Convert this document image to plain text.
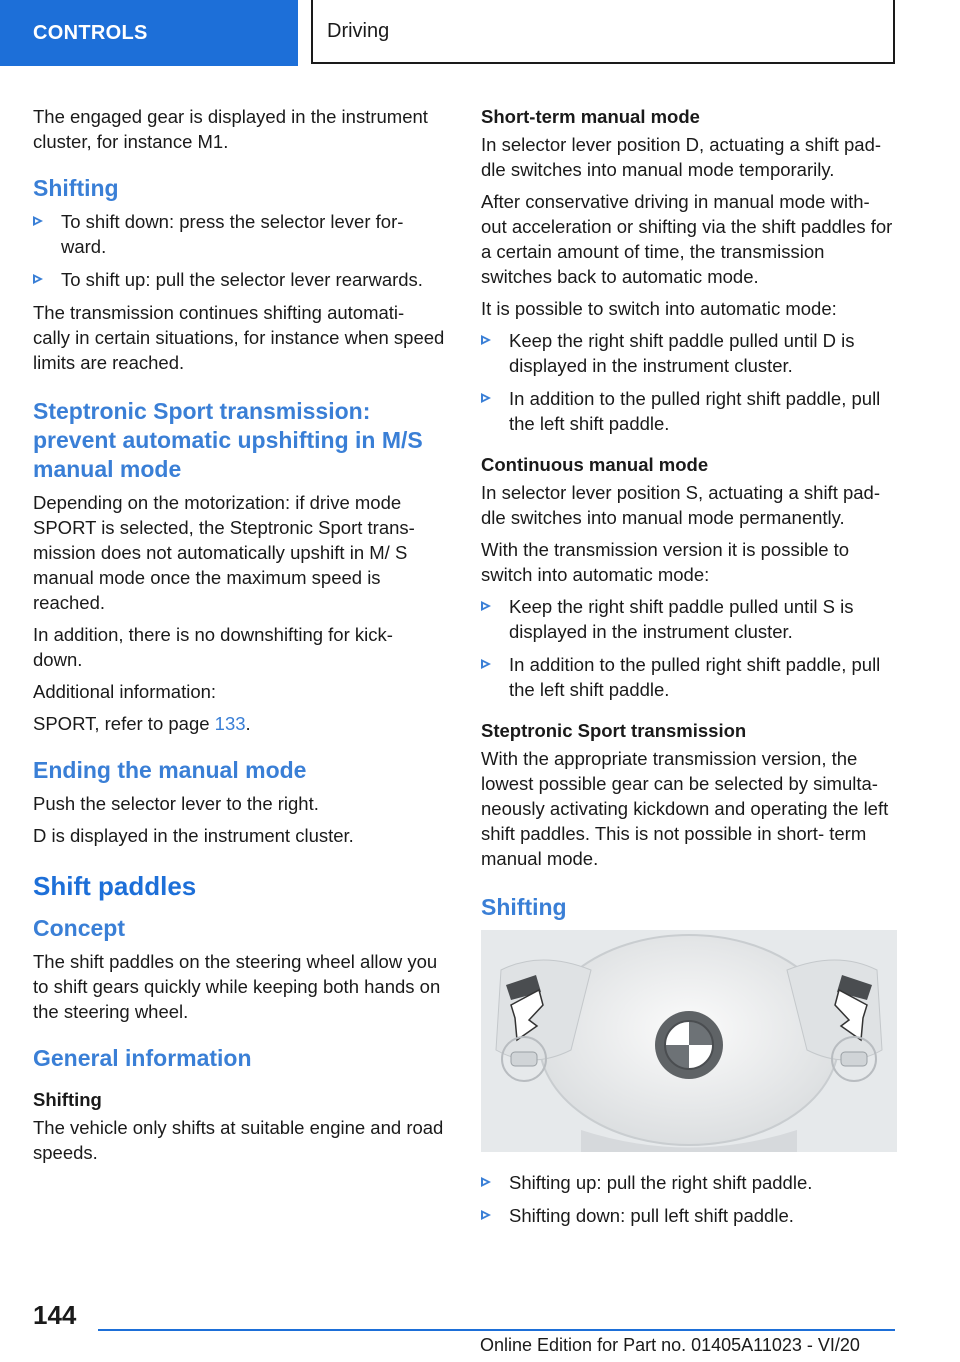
CONTROLS	Driving

The engaged gear is displayed in the instrument cluster, for instance M1.

Shifting
To shift down: press the selector lever for- ward.
To shift up: pull the selector lever rearwards.

The transmission continues shifting automati- cally in certain situations, for instance when speed limits are reached.

Steptronic Sport transmission: prevent automatic upshifting in M/S manual mode

Depending on the motorization: if drive mode SPORT is selected, the Steptronic Sport trans- mission does not automatically upshift in M/ S manual mode once the maximum speed is reached.

In addition, there is no downshifting for kick- down.

Additional information:

SPORT, refer to page 133.

Ending the manual mode

Push the selector lever to the right.

D is displayed in the instrument cluster.

Shift paddles
Concept

The shift paddles on the steering wheel allow you to shift gears quickly while keeping both hands on the steering wheel.

General information
Shifting

The vehicle only shifts at suitable engine and road speeds.

Short-term manual mode

In selector lever position D, actuating a shift pad- dle switches into manual mode temporarily.

After conservative driving in manual mode with- out acceleration or shifting via the shift paddles for a certain amount of time, the transmission switches back to automatic mode.

It is possible to switch into automatic mode:

Keep the right shift paddle pulled until D is displayed in the instrument cluster.
In addition to the pulled right shift paddle, pull the left shift paddle.
Continuous manual mode

In selector lever position S, actuating a shift pad- dle switches into manual mode permanently.

With the transmission version it is possible to switch into automatic mode:

Keep the right shift paddle pulled until S is displayed in the instrument cluster.
In addition to the pulled right shift paddle, pull the left shift paddle.
Steptronic Sport transmission

With the appropriate transmission version, the lowest possible gear can be selected by simulta- neously activating kickdown and operating the left shift paddles. This is not possible in short- term manual mode.

Shifting
Shifting up: pull the right shift paddle.
Shifting down: pull left shift paddle.
144
Online Edition for Part no. 01405A11023 - VI/20
